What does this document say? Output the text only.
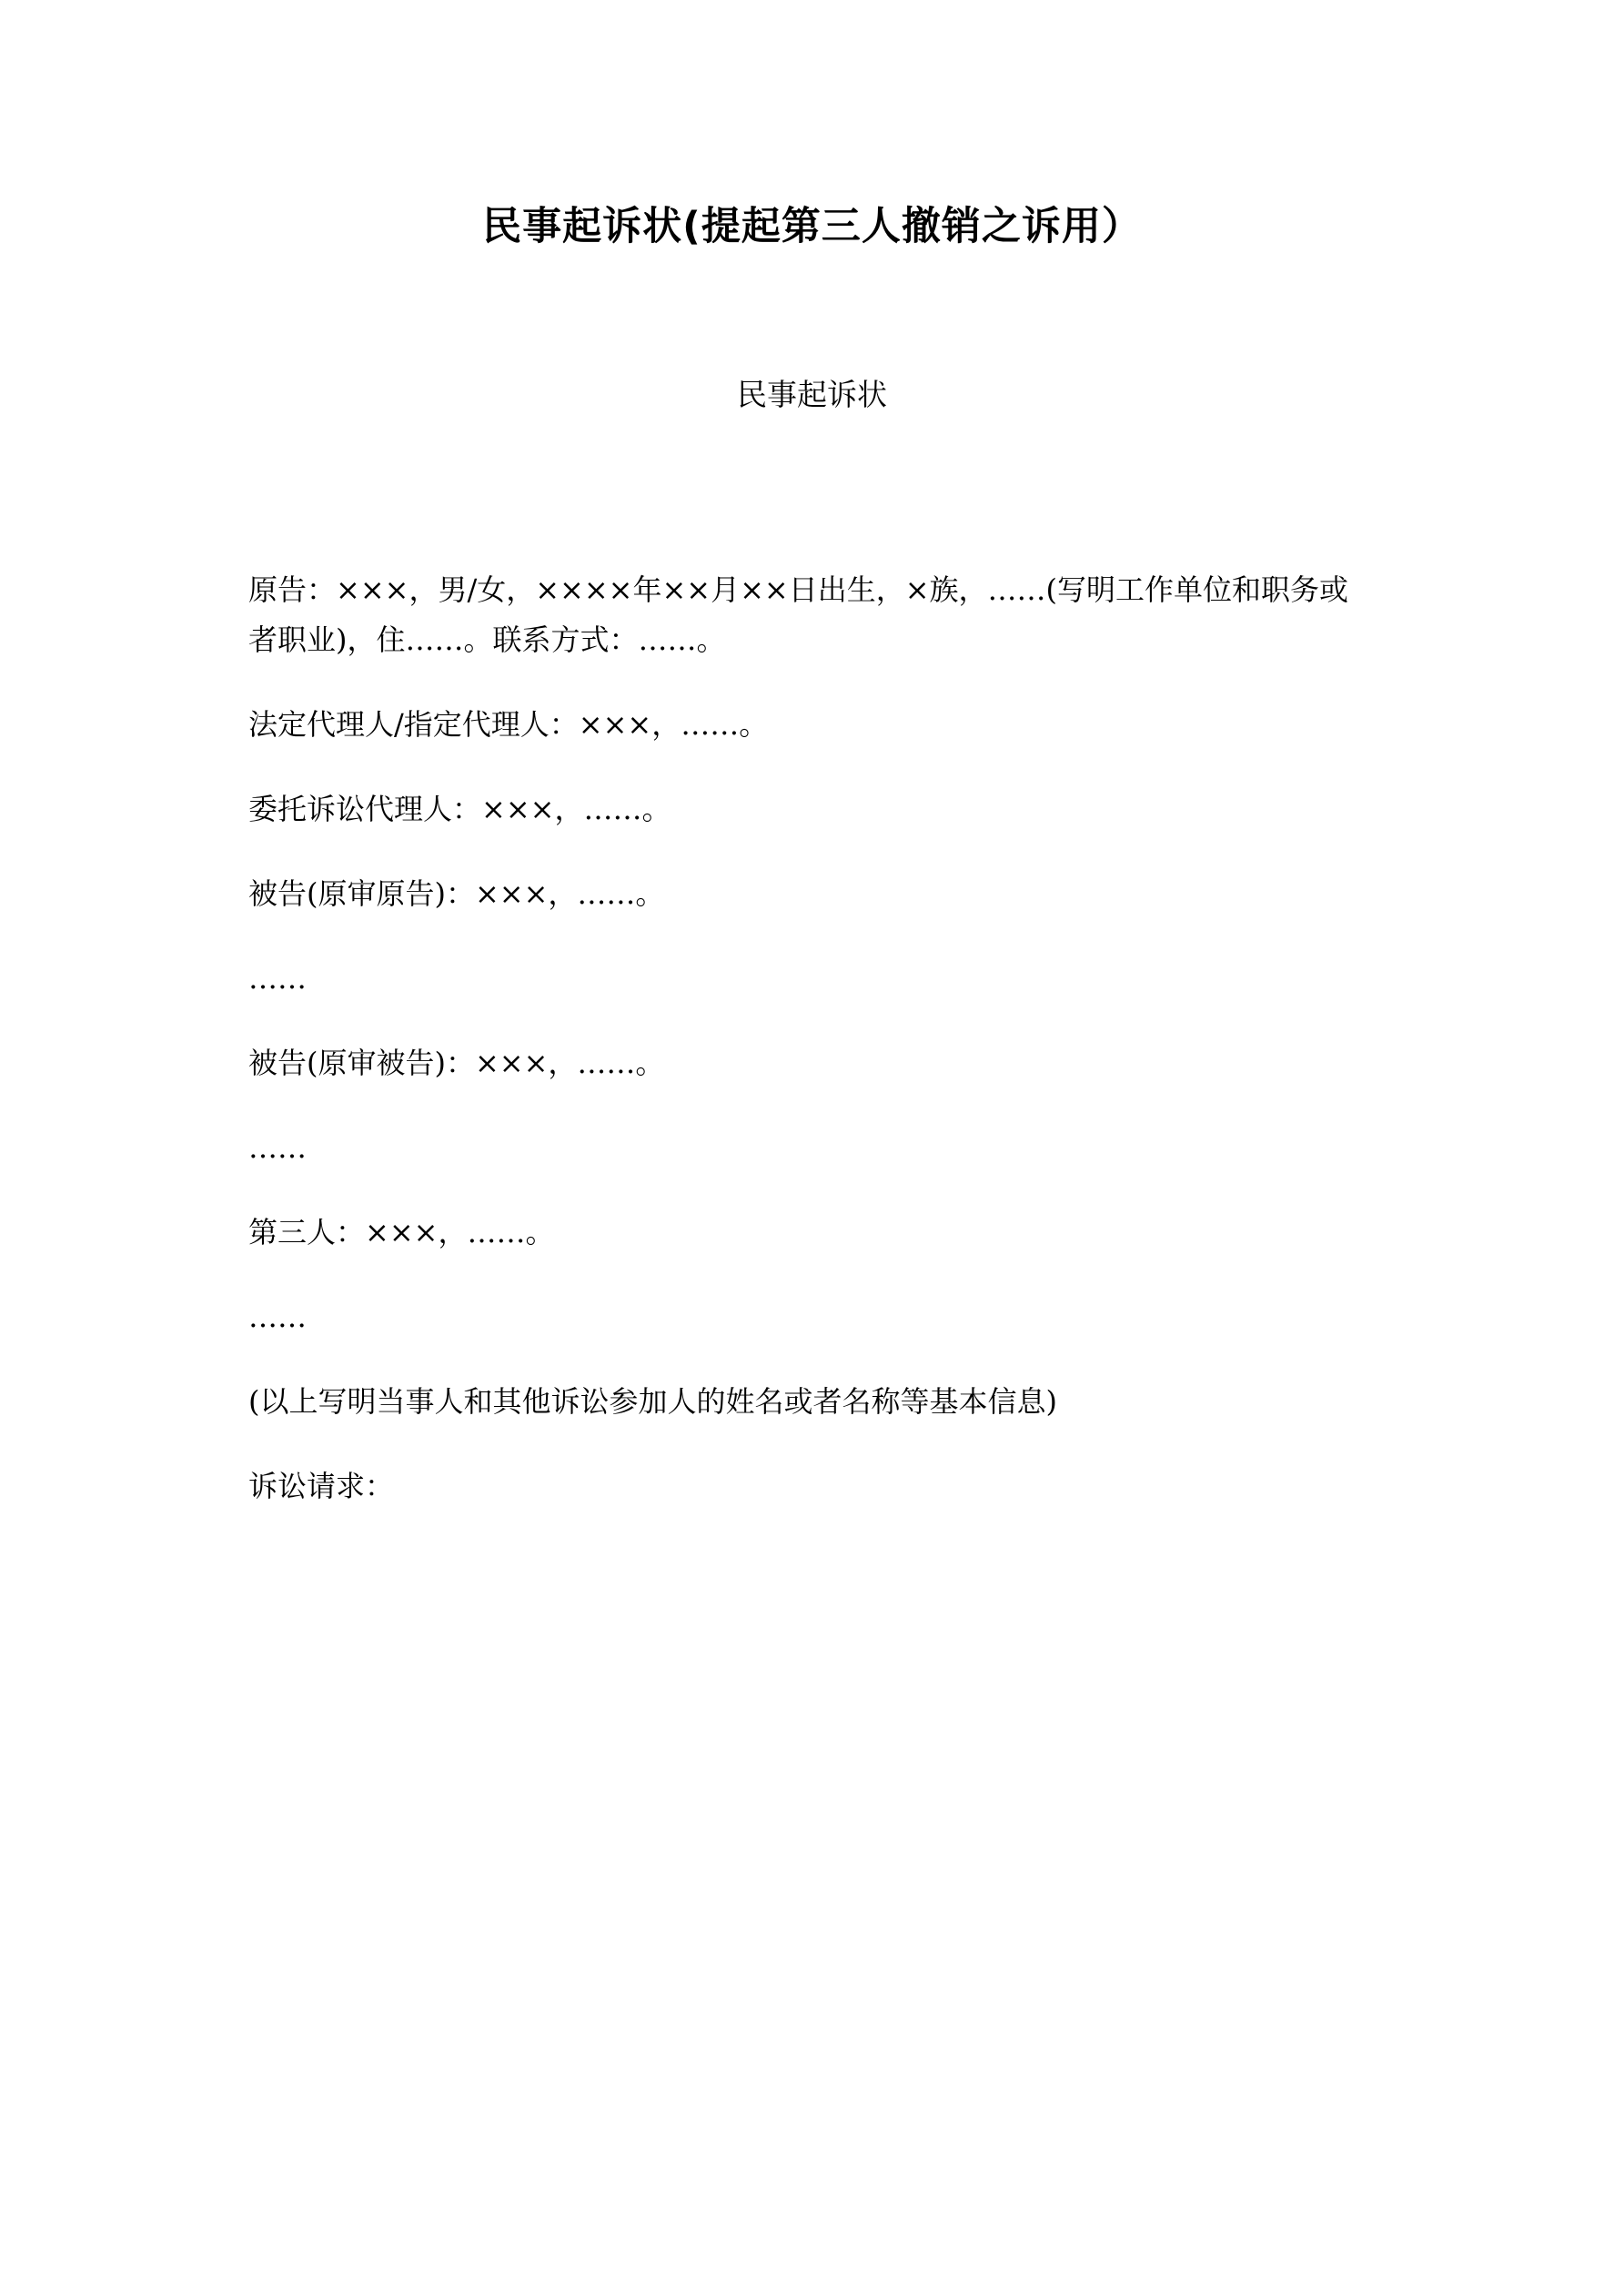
民事起诉状(提起第三人撤销之诉用）
民事起诉状

原告：×××，男/女，××××年××月××日出生，×族，……(写明工作单位和职务或者职业)，住……。联系方式：……。

法定代理人/指定代理人：×××，……。

委托诉讼代理人：×××，……。

被告(原审原告)：×××，……。

……

被告(原审被告)：×××，……。

……

第三人：×××，……。

……

(以上写明当事人和其他诉讼参加人的姓名或者名称等基本信息)

诉讼请求：
